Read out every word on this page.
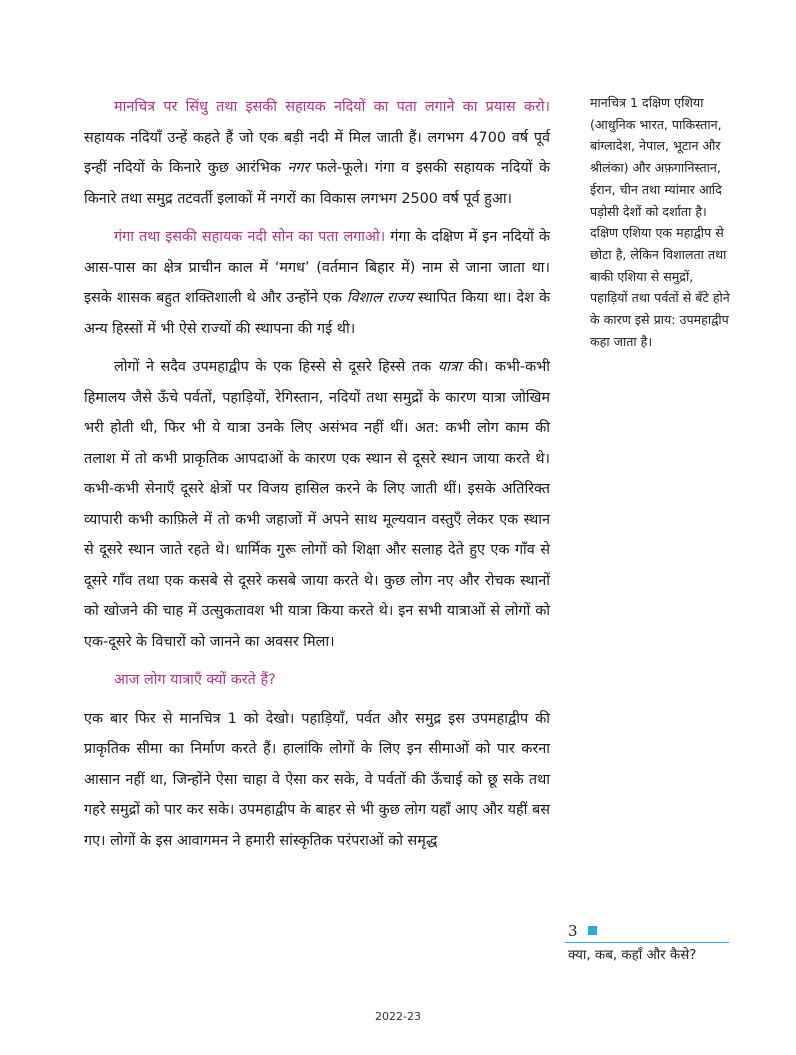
मानचित्र पर सिंधु तथा इसकी सहायक नदियों का पता लगाने का प्रयास करो। सहायक नदियाँ उन्हें कहते हैं जो एक बड़ी नदी में मिल जाती हैं। लगभग 4700 वर्ष पूर्व इन्हीं नदियों के किनारे कुछ आरंभिक नगर फले-फूले। गंगा व इसकी सहायक नदियों के किनारे तथा समुद्र तटवर्ती इलाकों में नगरों का विकास लगभग 2500 वर्ष पूर्व हुआ।

गंगा तथा इसकी सहायक नदी सोन का पता लगाओ। गंगा के दक्षिण में इन नदियों के आस-पास का क्षेत्र प्राचीन काल में ‘मगध’ (वर्तमान बिहार में) नाम से जाना जाता था। इसके शासक बहुत शक्तिशाली थे और उन्होंने एक विशाल राज्य स्थापित किया था। देश के अन्य हिस्सों में भी ऐसे राज्यों की स्थापना की गई थी।

लोगों ने सदैव उपमहाद्वीप के एक हिस्से से दूसरे हिस्से तक यात्रा की। कभी-कभी हिमालय जैसे ऊँचे पर्वतों, पहाड़ियों, रेगिस्तान, नदियों तथा समुद्रों के कारण यात्रा जोखिम भरी होती थी, फिर भी ये यात्रा उनके लिए असंभव नहीं थीं। अत: कभी लोग काम की तलाश में तो कभी प्राकृतिक आपदाओं के कारण एक स्थान से दूसरे स्थान जाया करते थे। कभी-कभी सेनाएँ दूसरे क्षेत्रों पर विजय हासिल करने के लिए जाती थीं। इसके अतिरिक्त व्यापारी कभी काफ़िले में तो कभी जहाजों में अपने साथ मूल्यवान वस्तुएँ लेकर एक स्थान से दूसरे स्थान जाते रहते थे। धार्मिक गुरू लोगों को शिक्षा और सलाह देते हुए एक गाँव से दूसरे गाँव तथा एक कसबे से दूसरे कसबे जाया करते थे। कुछ लोग नए और रोचक स्थानों को खोजने की चाह में उत्सुकतावश भी यात्रा किया करते थे। इन सभी यात्राओं से लोगों को एक-दूसरे के विचारों को जानने का अवसर मिला।

आज लोग यात्राएँ क्यों करते हैं?

एक बार फिर से मानचित्र 1 को देखो। पहाड़ियाँ, पर्वत और समुद्र इस उपमहाद्वीप की प्राकृतिक सीमा का निर्माण करते हैं। हालांकि लोगों के लिए इन सीमाओं को पार करना आसान नहीं था, जिन्होंने ऐसा चाहा वे ऐसा कर सके, वे पर्वतों की ऊँचाई को छू सके तथा गहरे समुद्रों को पार कर सके। उपमहाद्वीप के बाहर से भी कुछ लोग यहाँ आए और यहीं बस गए। लोगों के इस आवागमन ने हमारी सांस्कृतिक परंपराओं को समृद्ध

मानचित्र 1 दक्षिण एशिया (आधुनिक भारत, पाकिस्तान, बांग्लादेश, नेपाल, भूटान और श्रीलंका) और अफ़गानिस्तान, ईरान, चीन तथा म्यांमार आदि पड़ोसी देशों को दर्शाता है। दक्षिण एशिया एक महाद्वीप से छोटा है, लेकिन विशालता तथा बाकी एशिया से समुद्रों, पहाड़ियों तथा पर्वतों से बँटे होने के कारण इसे प्राय: उपमहाद्वीप कहा जाता है।
3
क्या, कब, कहाँ और कैसे?
2022-23
